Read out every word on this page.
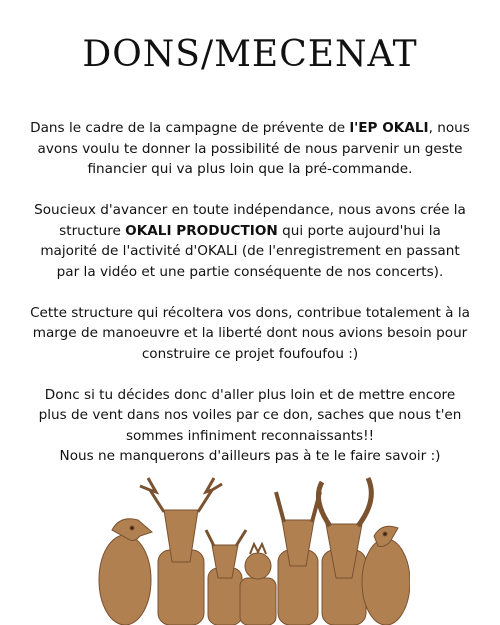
DONS/MECENAT

Dans le cadre de la campagne de prévente de l'EP OKALI, nous avons voulu te donner la possibilité de nous parvenir un geste financier qui va plus loin que la pré-commande.

Soucieux d'avancer en toute indépendance, nous avons crée la structure OKALI PRODUCTION qui porte aujourd'hui la majorité de l'activité d'OKALI (de l'enregistrement en passant par la vidéo et une partie conséquente de nos concerts).

Cette structure qui récoltera vos dons, contribue totalement à la marge de manoeuvre et la liberté dont nous avions besoin pour construire ce projet foufoufou :)

Donc si tu décides donc d'aller plus loin et de mettre encore plus de vent dans nos voiles par ce don, saches que nous t'en sommes infiniment reconnaissants!!
Nous ne manquerons d'ailleurs pas à te le faire savoir :)
